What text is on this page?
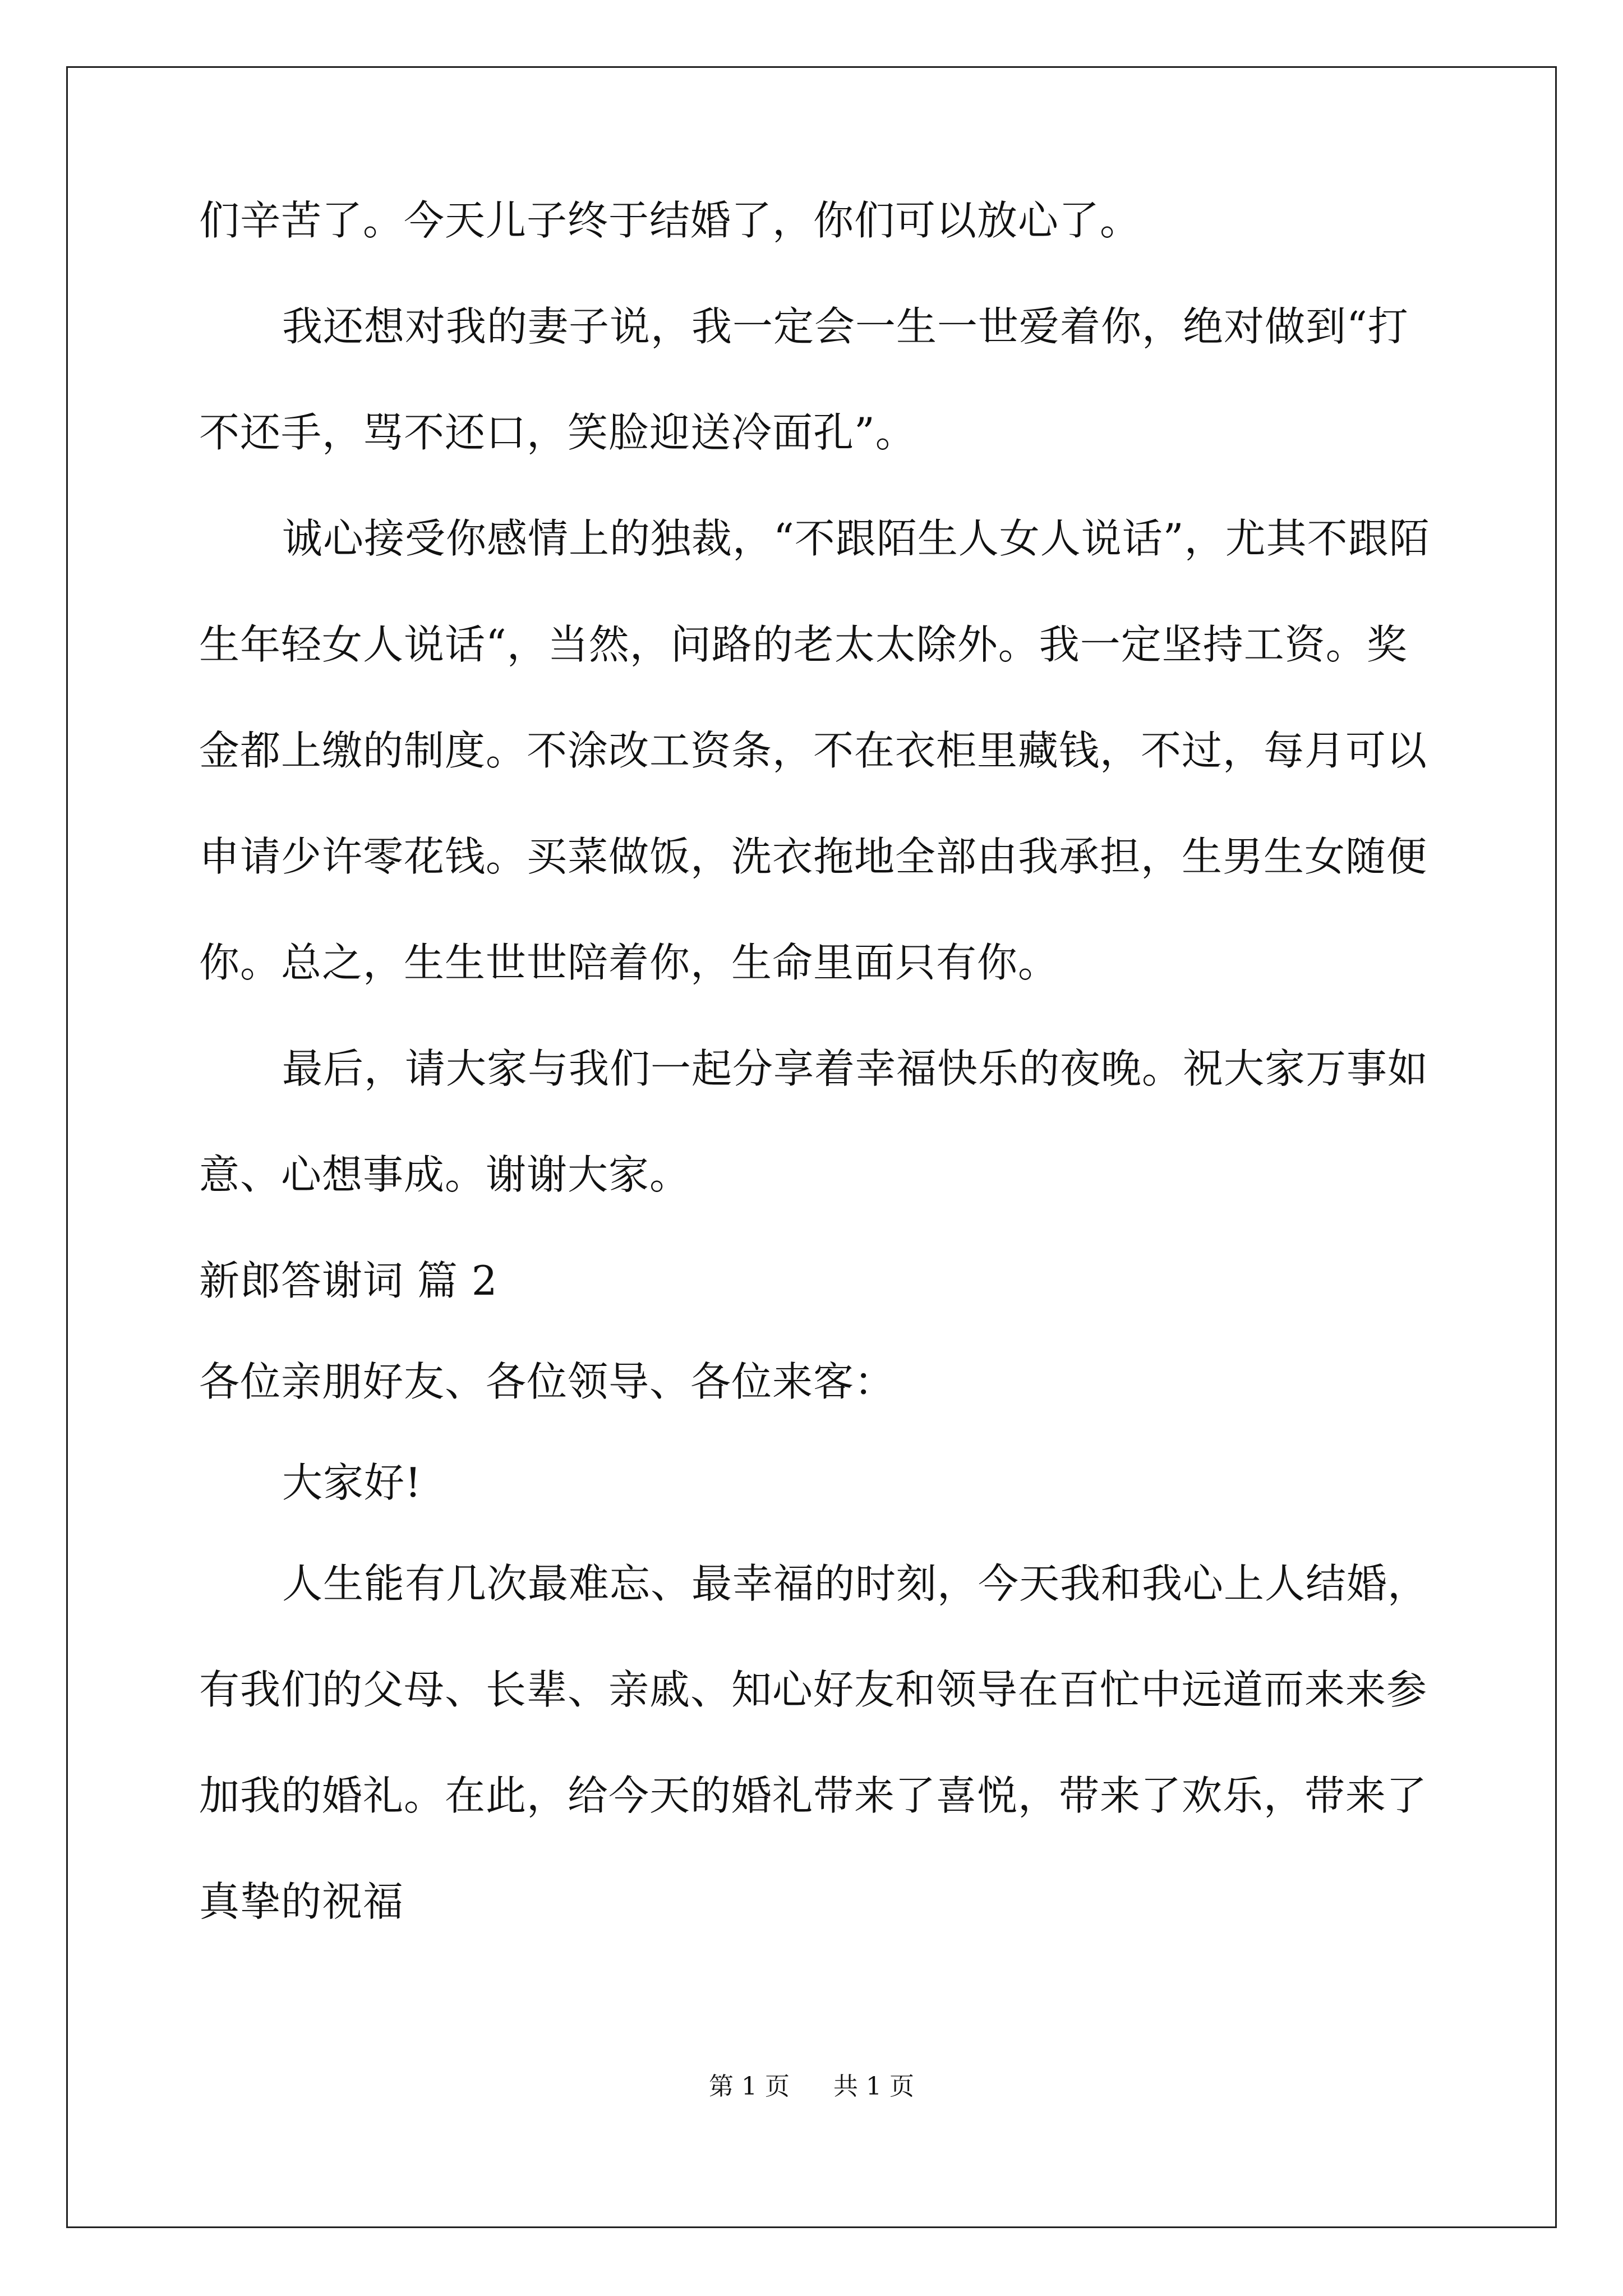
们辛苦了。今天儿子终于结婚了，你们可以放心了。
我还想对我的妻子说，我一定会一生一世爱着你，绝对做到“打
不还手，骂不还口，笑脸迎送冷面孔”。
诚心接受你感情上的独裁，“不跟陌生人女人说话”，尤其不跟陌
生年轻女人说话“，当然，问路的老太太除外。我一定坚持工资。奖
金都上缴的制度。不涂改工资条，不在衣柜里藏钱，不过，每月可以
申请少许零花钱。买菜做饭，洗衣拖地全部由我承担，生男生女随便
你。总之，生生世世陪着你，生命里面只有你。
最后，请大家与我们一起分享着幸福快乐的夜晚。祝大家万事如
意、心想事成。谢谢大家。
新郎答谢词 篇 2
各位亲朋好友、各位领导、各位来客：
大家好!
人生能有几次最难忘、最幸福的时刻，今天我和我心上人结婚，
有我们的父母、长辈、亲戚、知心好友和领导在百忙中远道而来来参
加我的婚礼。在此，给今天的婚礼带来了喜悦，带来了欢乐，带来了
真挚的祝福
第 1 页 共 1 页
